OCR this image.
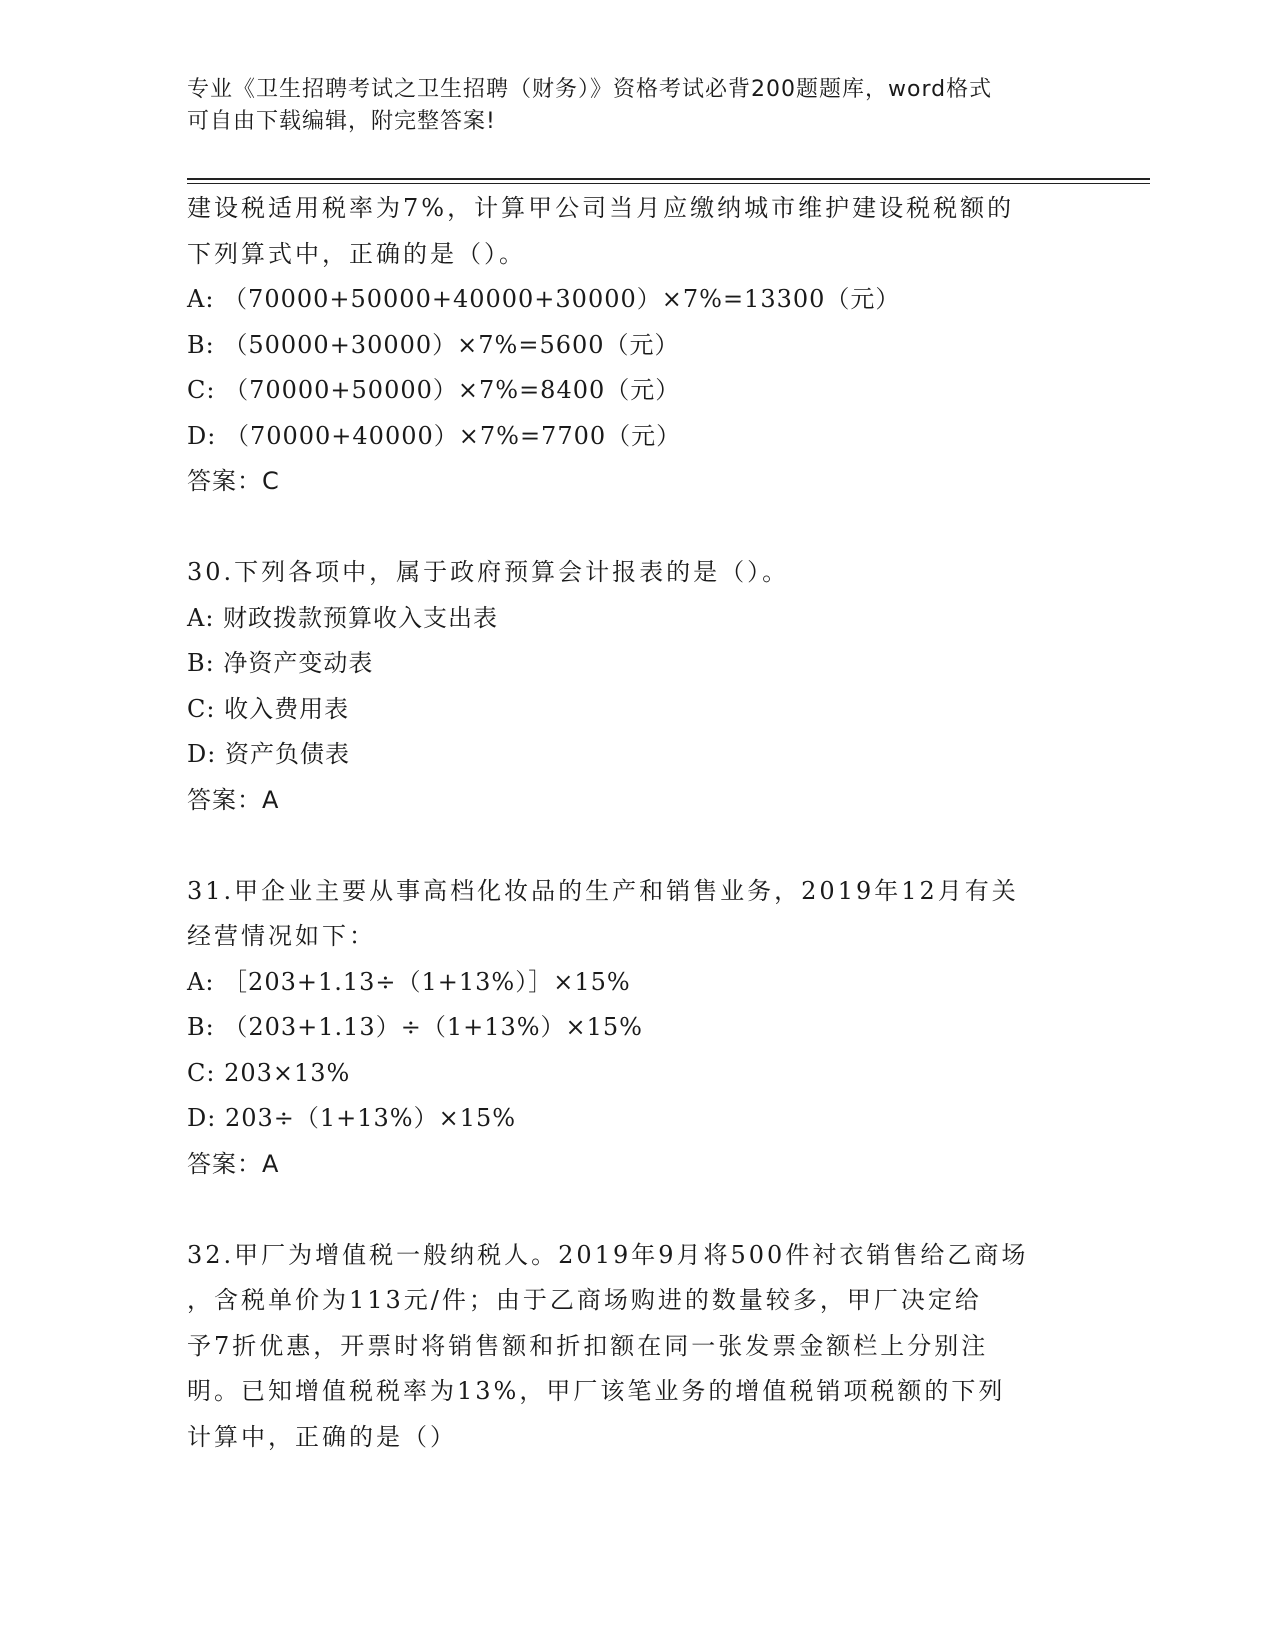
专业《卫生招聘考试之卫生招聘（财务）》资格考试必背200题题库，word格式
可自由下载编辑，附完整答案!
建设税适用税率为7%，计算甲公司当月应缴纳城市维护建设税税额的
下列算式中，正确的是（）。
A: （70000+50000+40000+30000）×7%=13300（元）
B: （50000+30000）×7%=5600（元）
C: （70000+50000）×7%=8400（元）
D: （70000+40000）×7%=7700（元）
答案：C
30.下列各项中，属于政府预算会计报表的是（）。
A: 财政拨款预算收入支出表
B: 净资产变动表
C: 收入费用表
D: 资产负债表
答案：A
31.甲企业主要从事高档化妆品的生产和销售业务，2019年12月有关
经营情况如下：
A: ［203+1.13÷（1+13%）］×15%
B: （203+1.13）÷（1+13%）×15%
C: 203×13%
D: 203÷（1+13%）×15%
答案：A
32.甲厂为增值税一般纳税人。2019年9月将500件衬衣销售给乙商场
，含税单价为113元/件；由于乙商场购进的数量较多，甲厂决定给
予7折优惠，开票时将销售额和折扣额在同一张发票金额栏上分别注
明。已知增值税税率为13%，甲厂该笔业务的增值税销项税额的下列
计算中，正确的是（）
